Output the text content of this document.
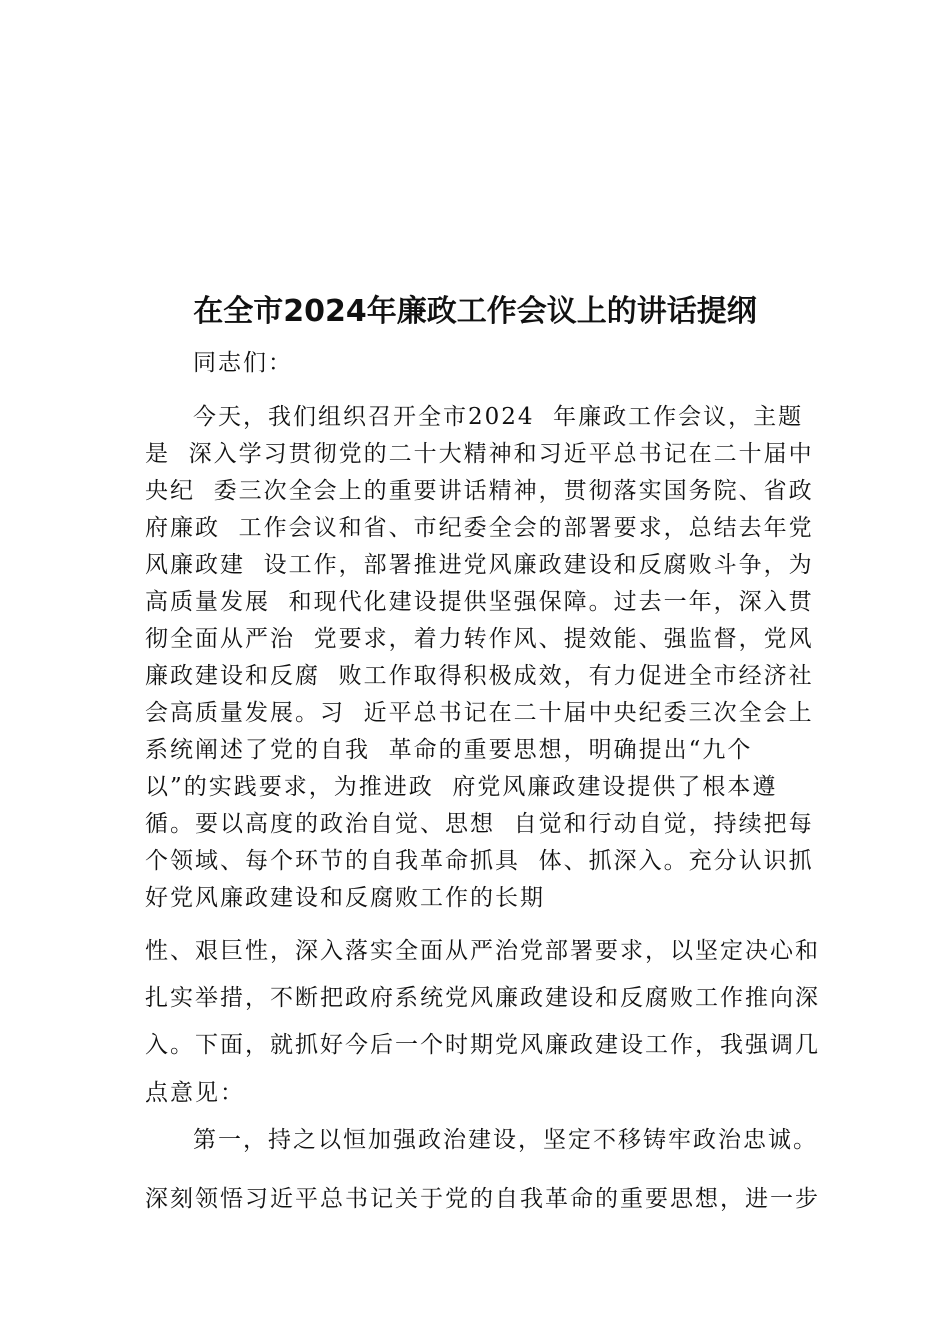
在全市2024年廉政工作会议上的讲话提纲
同志们：
今天，我们组织召开全市2024  年廉政工作会议，主题
是  深入学习贯彻党的二十大精神和习近平总书记在二十届中
央纪  委三次全会上的重要讲话精神，贯彻落实国务院、省政
府廉政  工作会议和省、市纪委全会的部署要求，总结去年党
风廉政建  设工作，部署推进党风廉政建设和反腐败斗争，为
高质量发展  和现代化建设提供坚强保障。过去一年，深入贯
彻全面从严治  党要求，着力转作风、提效能、强监督，党风
廉政建设和反腐  败工作取得积极成效，有力促进全市经济社
会高质量发展。习  近平总书记在二十届中央纪委三次全会上
系统阐述了党的自我  革命的重要思想，明确提出“九个
以”的实践要求，为推进政  府党风廉政建设提供了根本遵
循。要以高度的政治自觉、思想  自觉和行动自觉，持续把每
个领域、每个环节的自我革命抓具  体、抓深入。充分认识抓
好党风廉政建设和反腐败工作的长期
性、艰巨性，深入落实全面从严治党部署要求，以坚定决心和
扎实举措，不断把政府系统党风廉政建设和反腐败工作推向深
入。下面，就抓好今后一个时期党风廉政建设工作，我强调几
点意见：
第一，持之以恒加强政治建设，坚定不移铸牢政治忠诚。
深刻领悟习近平总书记关于党的自我革命的重要思想，进一步
